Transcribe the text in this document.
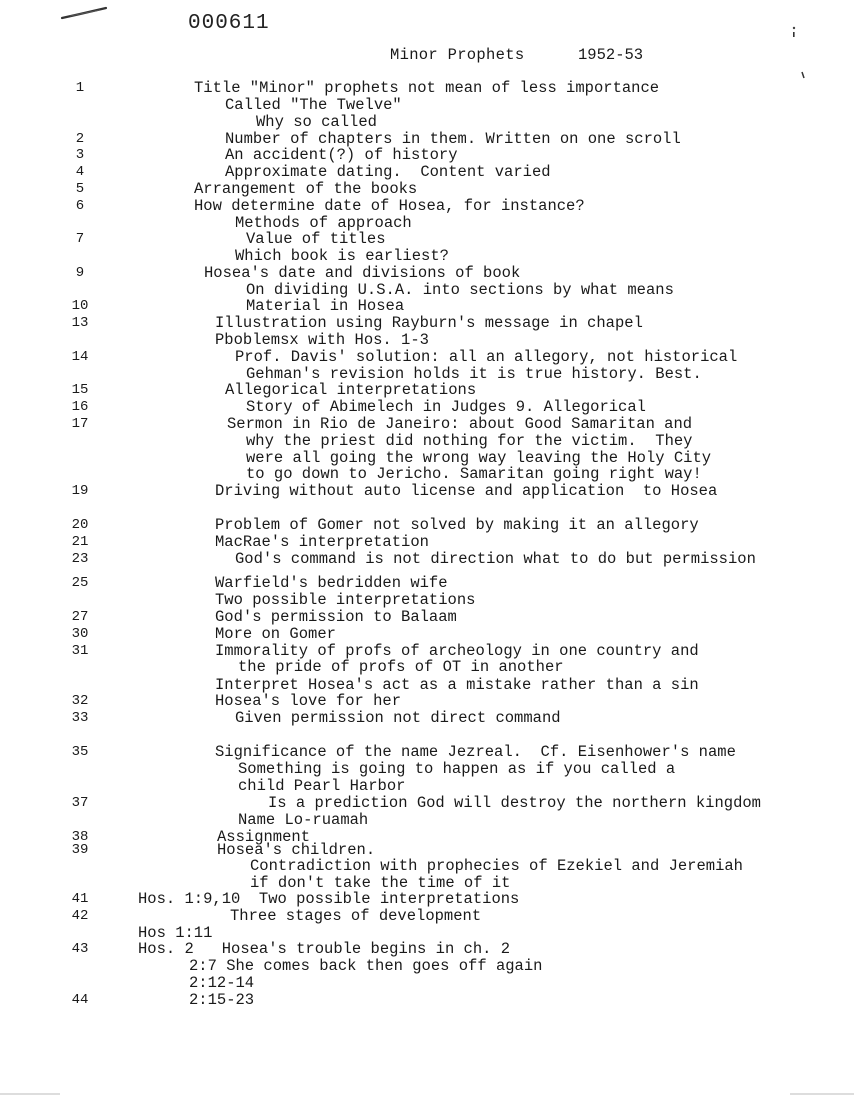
000611
Minor Prophets	1952-53
1	Title "Minor" prophets not mean of less importance
Called "The Twelve"
Why so called
2	Number of chapters in them. Written on one scroll
3	An accident(?) of history
4	Approximate dating.  Content varied
5	Arrangement of the books
6	How determine date of Hosea, for instance?
Methods of approach
7	Value of titles
Which book is earliest?
9	Hosea's date and divisions of book
On dividing U.S.A. into sections by what means
10	Material in Hosea
13	Illustration using Rayburn's message in chapel
Pboblemsx with Hos. 1-3
14	Prof. Davis' solution: all an allegory, not historical
Gehman's revision holds it is true history. Best.
15	Allegorical interpretations
16	Story of Abimelech in Judges 9. Allegorical
17	Sermon in Rio de Janeiro: about Good Samaritan and
why the priest did nothing for the victim.  They
were all going the wrong way leaving the Holy City
to go down to Jericho. Samaritan going right way!
19	Driving without auto license and application  to Hosea
20	Problem of Gomer not solved by making it an allegory
21	MacRae's interpretation
23	God's command is not direction what to do but permission
25	Warfield's bedridden wife
Two possible interpretations
27	God's permission to Balaam
30	More on Gomer
31	Immorality of profs of archeology in one country and
the pride of profs of OT in another
Interpret Hosea's act as a mistake rather than a sin
32	Hosea's love for her
33	Given permission not direct command
35	Significance of the name Jezreal.  Cf. Eisenhower's name
Something is going to happen as if you called a
child Pearl Harbor
37	Is a prediction God will destroy the northern kingdom
Name Lo-ruamah
38	Assignment
39	Hosea's children.
Contradiction with prophecies of Ezekiel and Jeremiah
if don't take the time of it
41	Hos. 1:9,10  Two possible interpretations
42	Three stages of development
Hos 1:11
43	Hos. 2   Hosea's trouble begins in ch. 2
2:7 She comes back then goes off again
2:12-14
44	2:15-23
